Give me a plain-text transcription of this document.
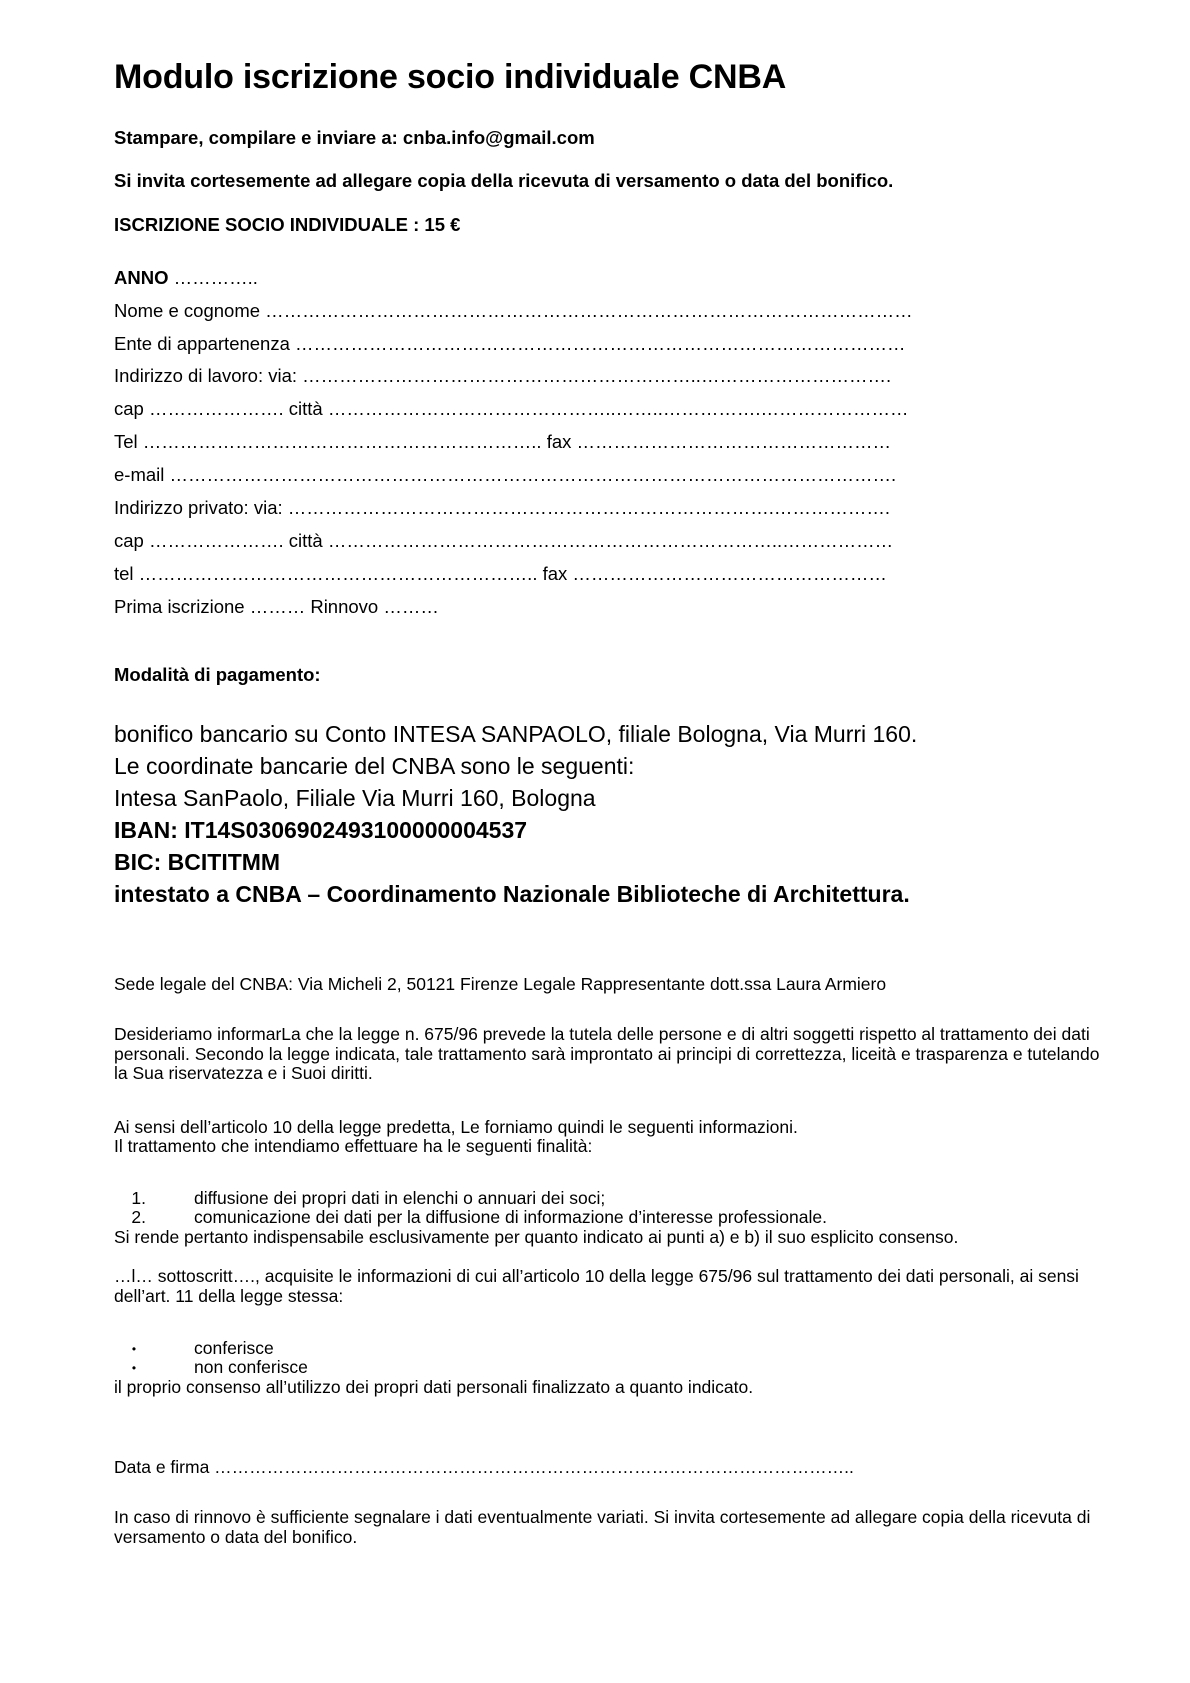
Modulo iscrizione socio individuale CNBA
Stampare, compilare e inviare a: cnba.info@gmail.com
Si invita cortesemente ad allegare copia della ricevuta di versamento o data del bonifico.
ISCRIZIONE SOCIO INDIVIDUALE : 15 €
ANNO …………..
Nome e cognome ……………………………………………………………………………………………
Ente di appartenenza ………………………………………………………………………………………
Indirizzo di lavoro: via: ………………………………………………………..………………………….
cap …………………. città ………………………………………..……..…………….……………………
Tel ……………………………………………………….. fax ……………………………………………
e-mail ……………………………………………………………………………………………………….
Indirizzo privato: via: …………………………………………………………………….……………….
cap …………………. città ………………………………………………………………..………………
tel ……………………………………………………….. fax ……………………………………………
Prima iscrizione ……… Rinnovo ………
Modalità di pagamento:
bonifico bancario su Conto INTESA SANPAOLO, filiale Bologna, Via Murri 160.
Le coordinate bancarie del CNBA sono le seguenti:
Intesa SanPaolo, Filiale Via Murri 160, Bologna
IBAN: IT14S0306902493100000004537
BIC: BCITITMM
intestato a CNBA – Coordinamento Nazionale Biblioteche di Architettura.
Sede legale del CNBA: Via Micheli 2, 50121 Firenze Legale Rappresentante dott.ssa Laura Armiero
Desideriamo informarLa che la legge n. 675/96 prevede la tutela delle persone e di altri soggetti rispetto al trattamento dei dati personali. Secondo la legge indicata, tale trattamento sarà improntato ai principi di correttezza, liceità e trasparenza e tutelando la Sua riservatezza e i Suoi diritti.
Ai sensi dell’articolo 10 della legge predetta, Le forniamo quindi le seguenti informazioni.
Il trattamento che intendiamo effettuare ha le seguenti finalità:
1.	diffusione dei propri dati in elenchi o annuari dei soci;
2.	comunicazione dei dati per la diffusione di informazione d’interesse professionale.
Si rende pertanto indispensabile esclusivamente per quanto indicato ai punti a) e b) il suo esplicito consenso.
…l… sottoscritt…., acquisite le informazioni di cui all’articolo 10 della legge 675/96 sul trattamento dei dati personali, ai sensi dell’art. 11 della legge stessa:
•	conferisce
•	non conferisce
il proprio consenso all’utilizzo dei propri dati personali finalizzato a quanto indicato.
Data e firma ………………………………………………………………………………………………..
In caso di rinnovo è sufficiente segnalare i dati eventualmente variati. Si invita cortesemente ad allegare copia della ricevuta di versamento o data del bonifico.
